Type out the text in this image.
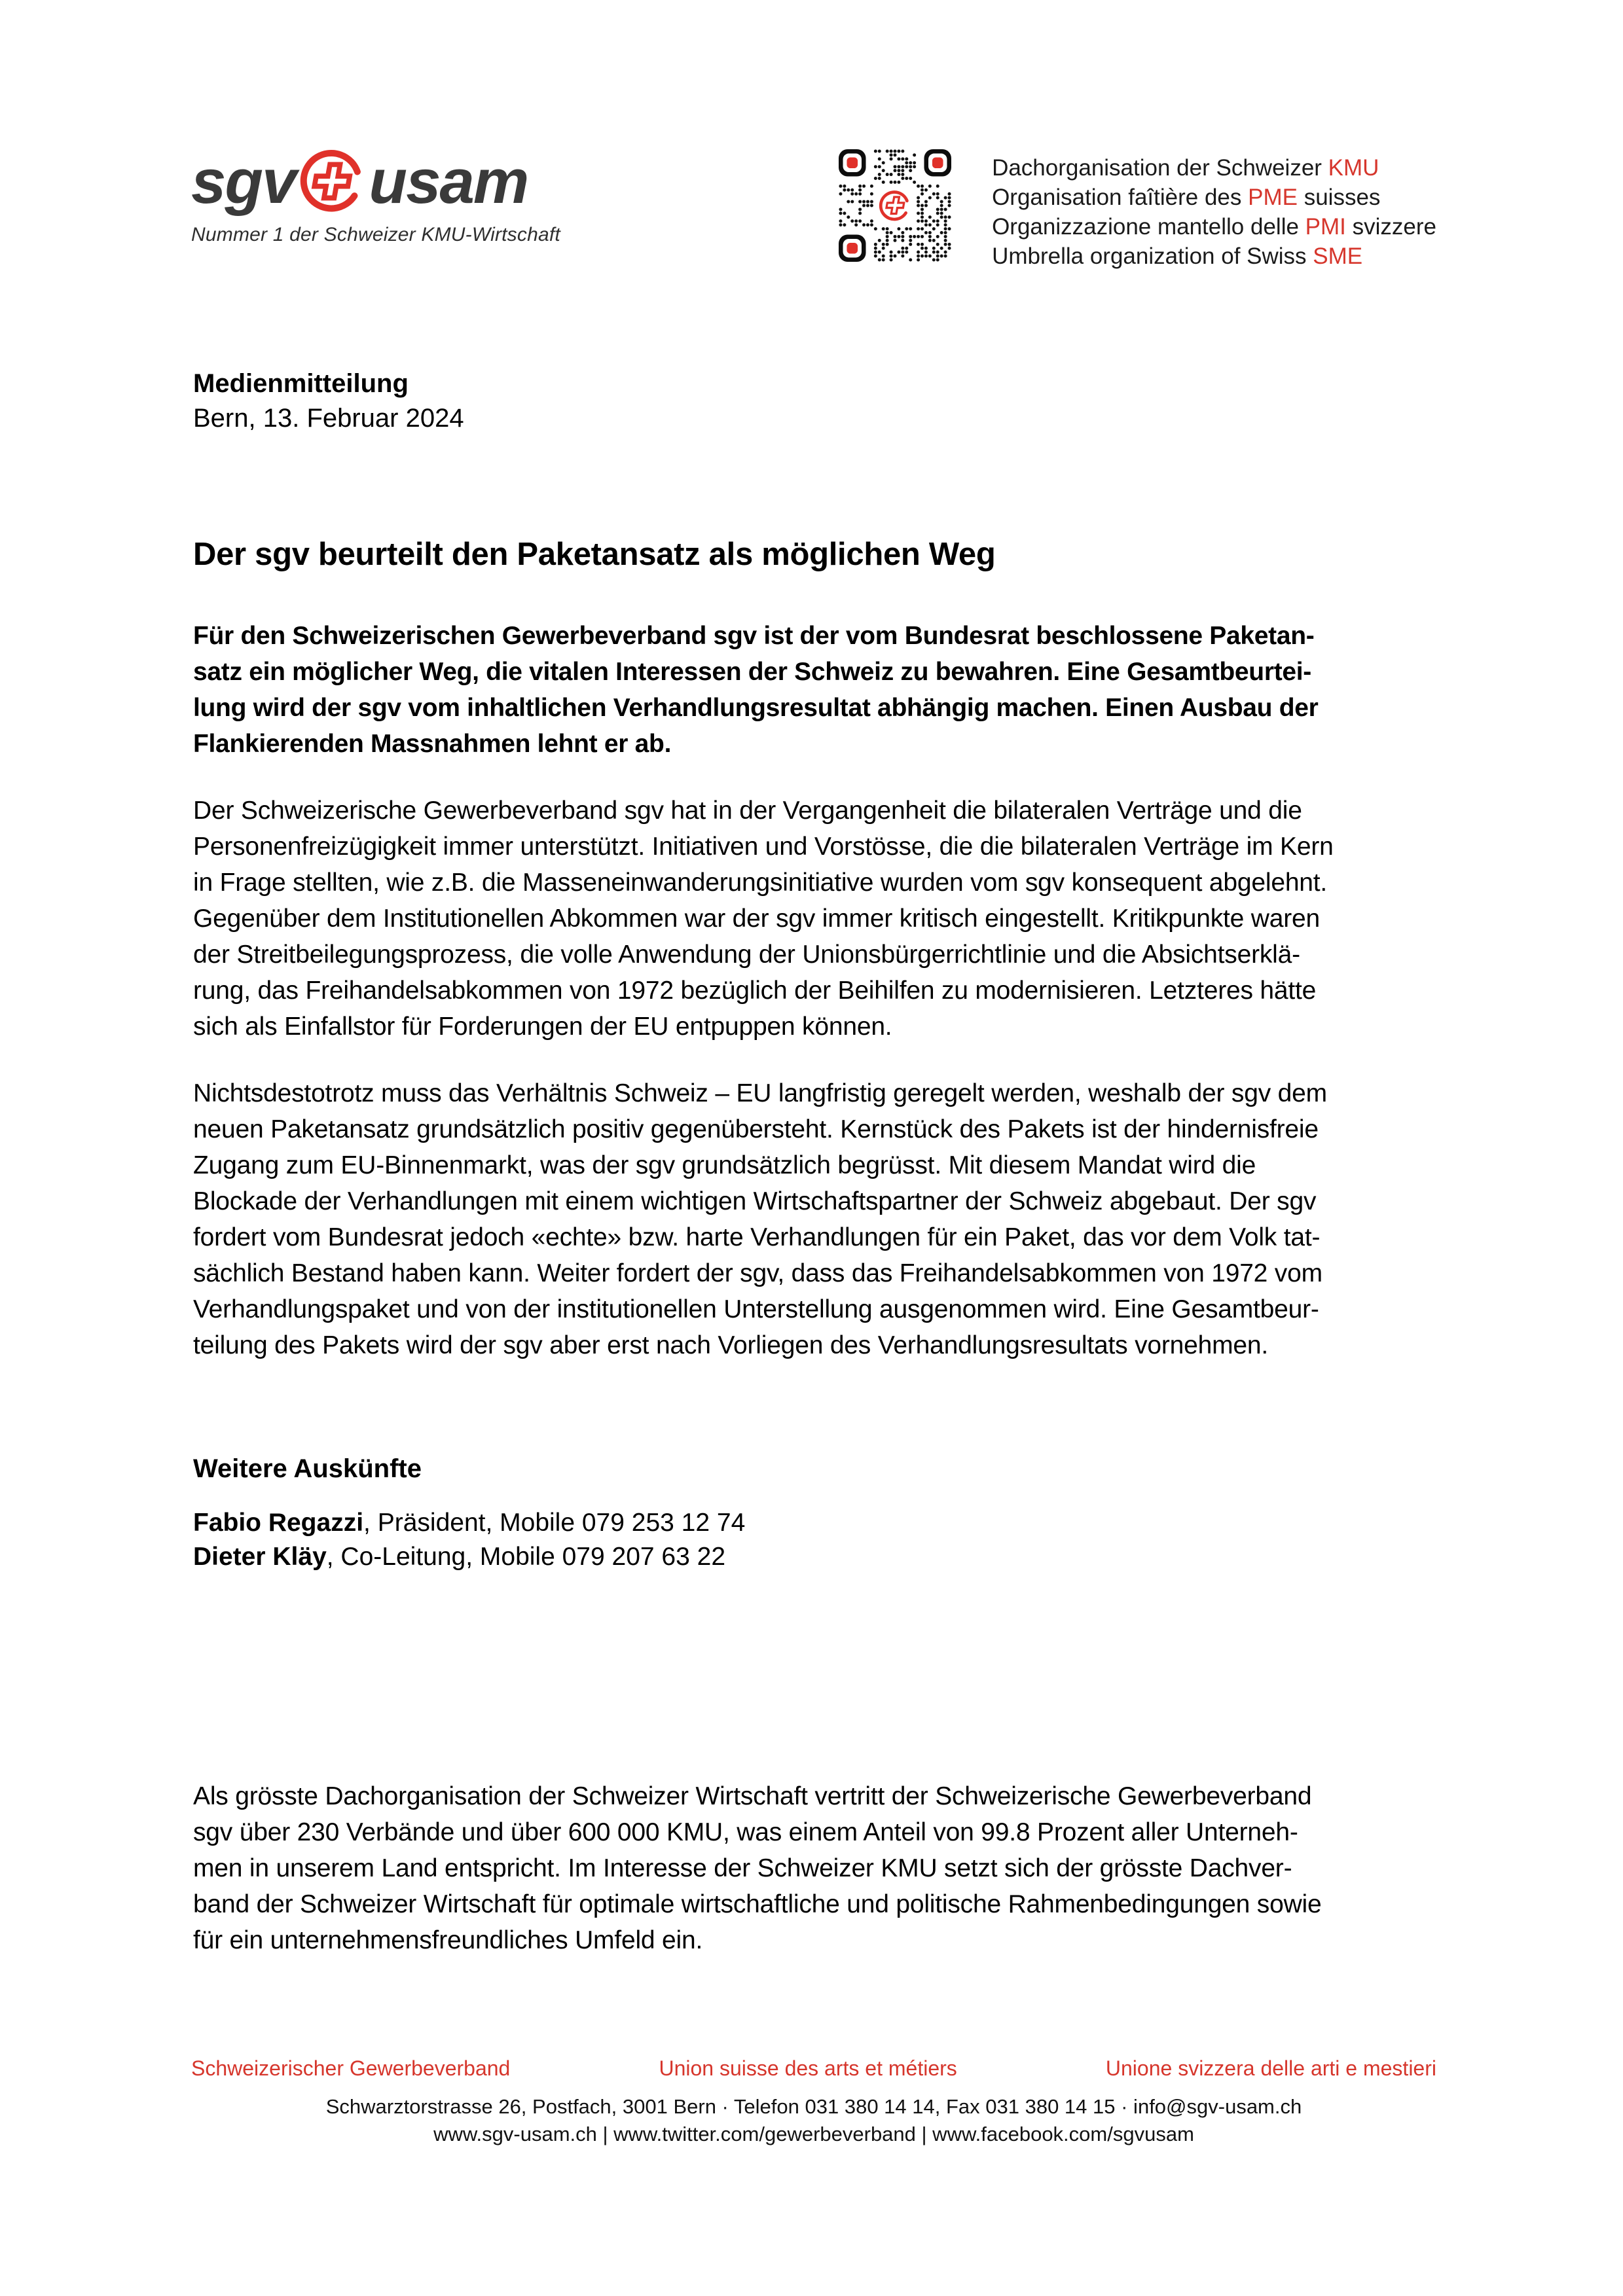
sgv usam
Nummer 1 der Schweizer KMU-Wirtschaft
Dachorganisation der Schweizer KMU
Organisation faîtière des PME suisses
Organizzazione mantello delle PMI svizzere
Umbrella organization of Swiss SME
Medienmitteilung
Bern, 13. Februar 2024
Der sgv beurteilt den Paketansatz als möglichen Weg
Für den Schweizerischen Gewerbeverband sgv ist der vom Bundesrat beschlossene Paketan-
satz ein möglicher Weg, die vitalen Interessen der Schweiz zu bewahren. Eine Gesamtbeurtei-
lung wird der sgv vom inhaltlichen Verhandlungsresultat abhängig machen. Einen Ausbau der
Flankierenden Massnahmen lehnt er ab.
Der Schweizerische Gewerbeverband sgv hat in der Vergangenheit die bilateralen Verträge und die
Personenfreizügigkeit immer unterstützt. Initiativen und Vorstösse, die die bilateralen Verträge im Kern
in Frage stellten, wie z.B. die Masseneinwanderungsinitiative wurden vom sgv konsequent abgelehnt.
Gegenüber dem Institutionellen Abkommen war der sgv immer kritisch eingestellt. Kritikpunkte waren
der Streitbeilegungsprozess, die volle Anwendung der Unionsbürgerrichtlinie und die Absichtserklä-
rung, das Freihandelsabkommen von 1972 bezüglich der Beihilfen zu modernisieren. Letzteres hätte
sich als Einfallstor für Forderungen der EU entpuppen können.
Nichtsdestotrotz muss das Verhältnis Schweiz – EU langfristig geregelt werden, weshalb der sgv dem
neuen Paketansatz grundsätzlich positiv gegenübersteht. Kernstück des Pakets ist der hindernisfreie
Zugang zum EU-Binnenmarkt, was der sgv grundsätzlich begrüsst. Mit diesem Mandat wird die
Blockade der Verhandlungen mit einem wichtigen Wirtschaftspartner der Schweiz abgebaut. Der sgv
fordert vom Bundesrat jedoch «echte» bzw. harte Verhandlungen für ein Paket, das vor dem Volk tat-
sächlich Bestand haben kann. Weiter fordert der sgv, dass das Freihandelsabkommen von 1972 vom
Verhandlungspaket und von der institutionellen Unterstellung ausgenommen wird. Eine Gesamtbeur-
teilung des Pakets wird der sgv aber erst nach Vorliegen des Verhandlungsresultats vornehmen.
Weitere Auskünfte
Fabio Regazzi, Präsident, Mobile 079 253 12 74
Dieter Kläy, Co-Leitung, Mobile 079 207 63 22
Als grösste Dachorganisation der Schweizer Wirtschaft vertritt der Schweizerische Gewerbeverband
sgv über 230 Verbände und über 600 000 KMU, was einem Anteil von 99.8 Prozent aller Unterneh-
men in unserem Land entspricht. Im Interesse der Schweizer KMU setzt sich der grösste Dachver-
band der Schweizer Wirtschaft für optimale wirtschaftliche und politische Rahmenbedingungen sowie
für ein unternehmensfreundliches Umfeld ein.
Schweizerischer Gewerbeverband	Union suisse des arts et métiers	Unione svizzera delle arti e mestieri
Schwarztorstrasse 26, Postfach, 3001 Bern · Telefon 031 380 14 14, Fax 031 380 14 15 · info@sgv-usam.ch
www.sgv-usam.ch | www.twitter.com/gewerbeverband | www.facebook.com/sgvusam
